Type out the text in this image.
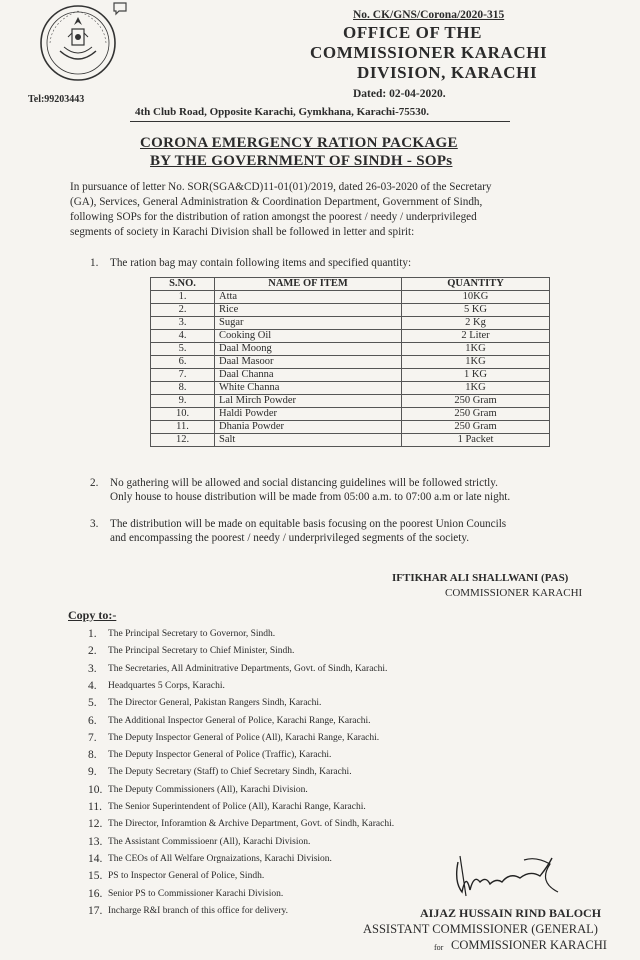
No. CK/GNS/Corona/2020-315
OFFICE OF THE
COMMISSIONER KARACHI
DIVISION, KARACHI
Dated: 02-04-2020.
Tel:99203443
4th Club Road, Opposite Karachi, Gymkhana, Karachi-75530.
CORONA EMERGENCY RATION PACKAGE
BY THE GOVERNMENT OF SINDH - SOPs
In pursuance of letter No. SOR(SGA&CD)11-01(01)/2019, dated 26-03-2020 of the Secretary
(GA), Services, General Administration & Coordination Department, Government of Sindh,
following SOPs for the distribution of ration amongst the poorest / needy / underprivileged
segments of society in Karachi Division shall be followed in letter and spirit:
1. The ration bag may contain following items and specified quantity:
S.NO.	NAME OF ITEM	QUANTITY
1.	Atta	10KG
2.	Rice	5 KG
3.	Sugar	2 Kg
4.	Cooking Oil	2 Liter
5.	Daal Moong	1KG
6.	Daal Masoor	1KG
7.	Daal Channa	1 KG
8.	White Channa	1KG
9.	Lal Mirch Powder	250 Gram
10.	Haldi Powder	250 Gram
11.	Dhania Powder	250 Gram
12.	Salt	1 Packet
2. No gathering will be allowed and social distancing guidelines will be followed strictly.
Only house to house distribution will be made from 05:00 a.m. to 07:00 a.m or late night.
3. The distribution will be made on equitable basis focusing on the poorest Union Councils
and encompassing the poorest / needy / underprivileged segments of the society.
IFTIKHAR ALI SHALLWANI (PAS)
COMMISSIONER KARACHI
Copy to:-
1. The Principal Secretary to Governor, Sindh.
2. The Principal Secretary to Chief Minister, Sindh.
3. The Secretaries, All Adminitrative Departments, Govt. of Sindh, Karachi.
4. Headquartes 5 Corps, Karachi.
5. The Director General, Pakistan Rangers Sindh, Karachi.
6. The Additional Inspector General of Police, Karachi Range, Karachi.
7. The Deputy Inspector General of Police (All), Karachi Range, Karachi.
8. The Deputy Inspector General of Police (Traffic), Karachi.
9. The Deputy Secretary (Staff) to Chief Secretary Sindh, Karachi.
10. The Deputy Commissioners (All), Karachi Division.
11. The Senior Superintendent of Police (All), Karachi Range, Karachi.
12. The Director, Inforamtion & Archive Department, Govt. of Sindh, Karachi.
13. The Assistant Commissioenr (All), Karachi Division.
14. The CEOs of All Welfare Orgnaizations, Karachi Division.
15. PS to Inspector General of Police, Sindh.
16. Senior PS to Commissioner Karachi Division.
17. Incharge R&I branch of this office for delivery.	AIJAZ HUSSAIN RIND BALOCH
ASSISTANT COMMISSIONER (GENERAL)
for COMMISSIONER KARACHI
